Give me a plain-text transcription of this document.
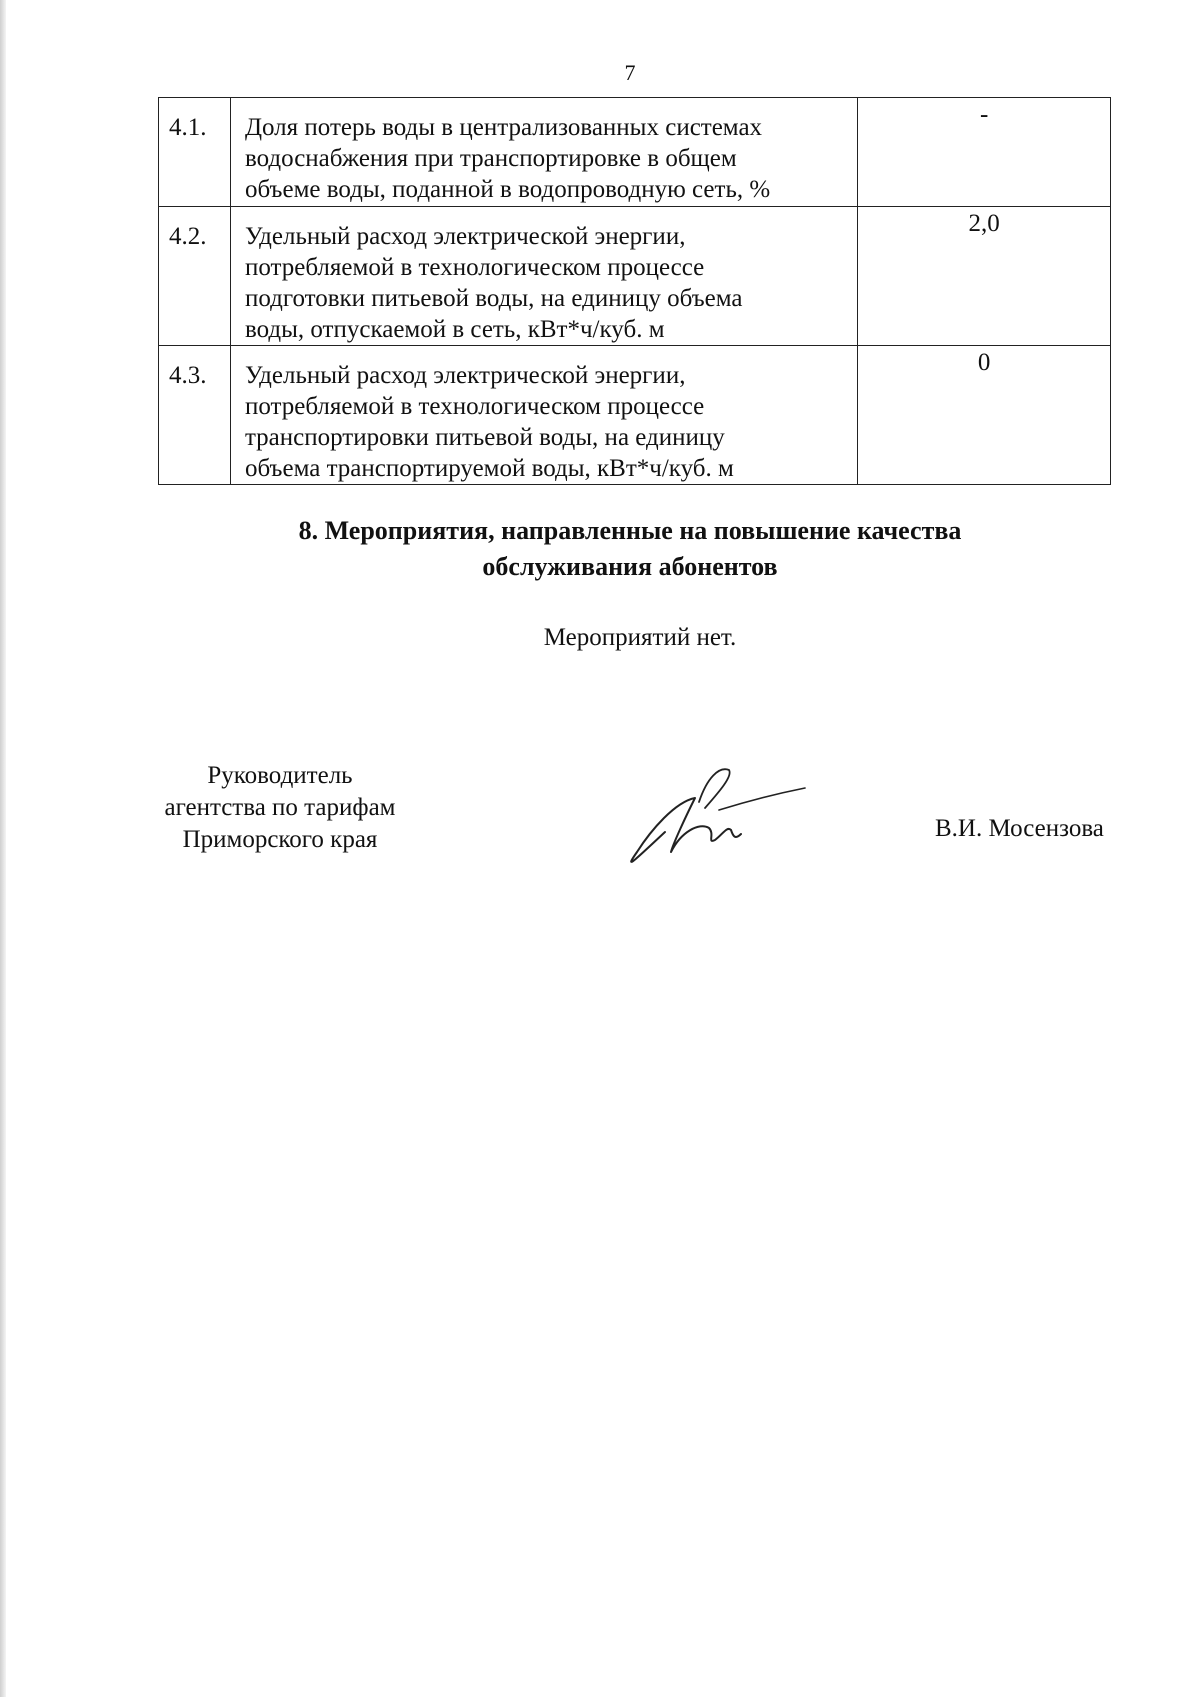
7
4.1.	Доля потерь воды в централизованных системах
водоснабжения при транспортировке в общем
объеме воды, поданной в водопроводную сеть, %	-
4.2.	Удельный расход электрической энергии,
потребляемой в технологическом процессе
подготовки питьевой воды, на единицу объема
воды, отпускаемой в сеть, кВт*ч/куб. м	2,0
4.3.	Удельный расход электрической энергии,
потребляемой в технологическом процессе
транспортировки питьевой воды, на единицу
объема транспортируемой воды, кВт*ч/куб. м	0
8. Мероприятия, направленные на повышение качества
обслуживания абонентов
Мероприятий нет.
Руководитель
агентства по тарифам
Приморского края	В.И. Мосензова
